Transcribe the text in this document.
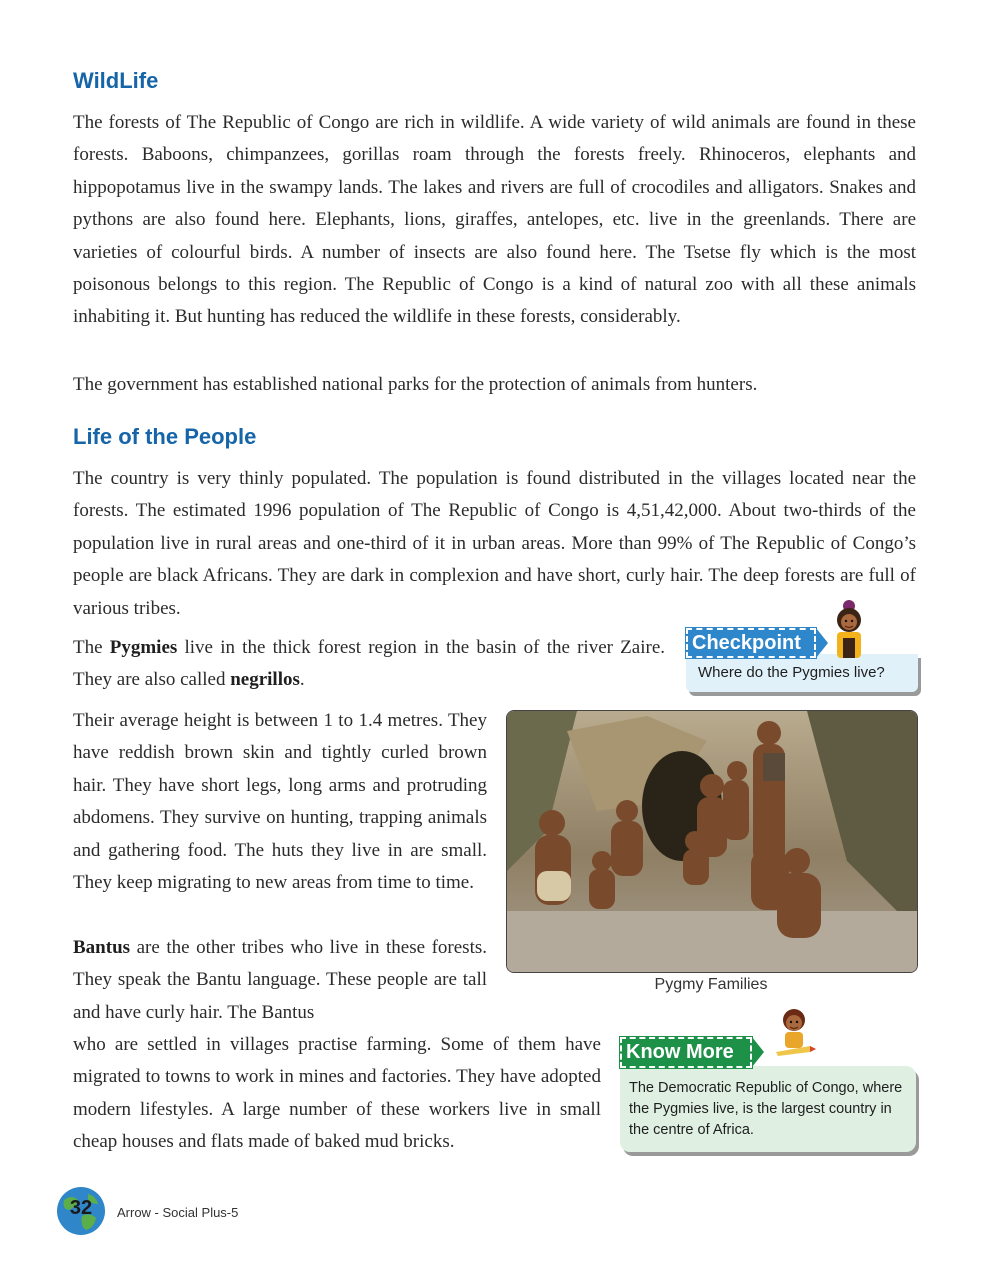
WildLife

The forests of The Republic of Congo are rich in wildlife. A wide variety of wild animals are found in these forests. Baboons, chimpanzees, gorillas roam through the forests freely. Rhinoceros, elephants and hippopotamus live in the swampy lands. The lakes and rivers are full of crocodiles and alligators. Snakes and pythons are also found here. Elephants, lions, giraffes, antelopes, etc. live in the greenlands. There are varieties of colourful birds. A number of insects are also found here. The Tsetse fly which is the most poisonous belongs to this region. The Republic of Congo is a kind of natural zoo with all these animals inhabiting it. But hunting has reduced the wildlife in these forests, considerably.

The government has established national parks for the protection of animals from hunters.

Life of the People

The country is very thinly populated. The population is found distributed in the villages located near the forests. The estimated 1996 population of The Republic of Congo is 4,51,42,000. About two-thirds of the population live in rural areas and one-third of it in urban areas. More than 99% of The Republic of Congo’s people are black Africans. They are dark in complexion and have short, curly hair. The deep forests are full of various tribes.

The Pygmies live in the thick forest region in the basin of the river Zaire. They are also called negrillos.

Their average height is between 1 to 1.4 metres. They have reddish brown skin and tightly curled brown hair. They have short legs, long arms and protruding abdomens. They survive on hunting, trapping animals and gathering food. The huts they live in are small. They keep migrating to new areas from time to time.

Bantus are the other tribes who live in these forests. They speak the Bantu language. These people are tall and have curly hair. The Bantus

who are settled in villages practise farming. Some of them have migrated to towns to work in mines and factories. They have adopted modern lifestyles. A large number of these workers live in small cheap houses and flats made of baked mud bricks.

Where do the Pygmies live?
Checkpoint
Pygmy Families
The Democratic Republic of Congo, where the Pygmies live, is the largest country in the centre of Africa.
Know More
32	Arrow - Social Plus-5
